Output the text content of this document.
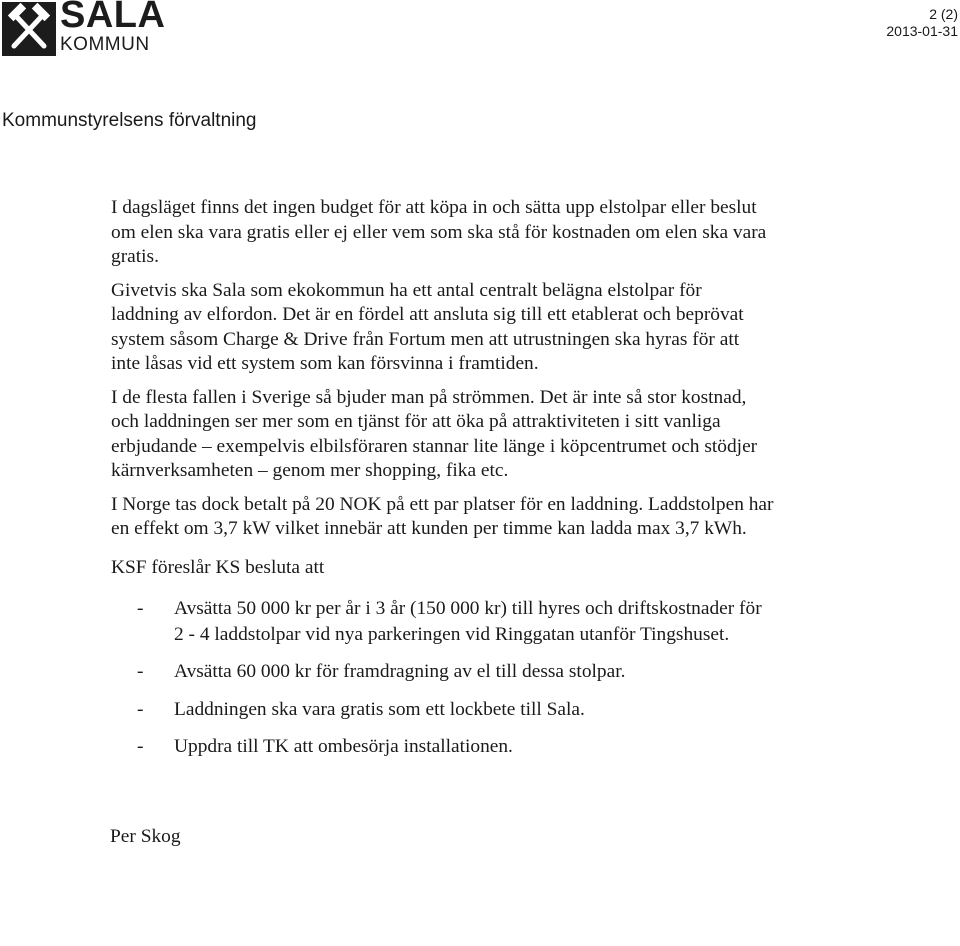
SALA
KOMMUN
2 (2)
2013-01-31
Kommunstyrelsens förvaltning

I dagsläget finns det ingen budget för att köpa in och sätta upp elstolpar eller beslut
om elen ska vara gratis eller ej eller vem som ska stå för kostnaden om elen ska vara
gratis.

Givetvis ska Sala som ekokommun ha ett antal centralt belägna elstolpar för
laddning av elfordon. Det är en fördel att ansluta sig till ett etablerat och beprövat
system såsom Charge & Drive från Fortum men att utrustningen ska hyras för att
inte låsas vid ett system som kan försvinna i framtiden.

I de flesta fallen i Sverige så bjuder man på strömmen. Det är inte så stor kostnad,
och laddningen ser mer som en tjänst för att öka på attraktiviteten i sitt vanliga
erbjudande – exempelvis elbilsföraren stannar lite länge i köpcentrumet och stödjer
kärnverksamheten – genom mer shopping, fika etc.

I Norge tas dock betalt på 20 NOK på ett par platser för en laddning. Laddstolpen har
en effekt om 3,7 kW vilket innebär att kunden per timme kan ladda max 3,7 kWh.

KSF föreslår KS besluta att

- Avsätta 50 000 kr per år i 3 år (150 000 kr) till hyres och driftskostnader för
2 - 4 laddstolpar vid nya parkeringen vid Ringgatan utanför Tingshuset.
- Avsätta 60 000 kr för framdragning av el till dessa stolpar.
- Laddningen ska vara gratis som ett lockbete till Sala.
- Uppdra till TK att ombesörja installationen.
Per Skog
